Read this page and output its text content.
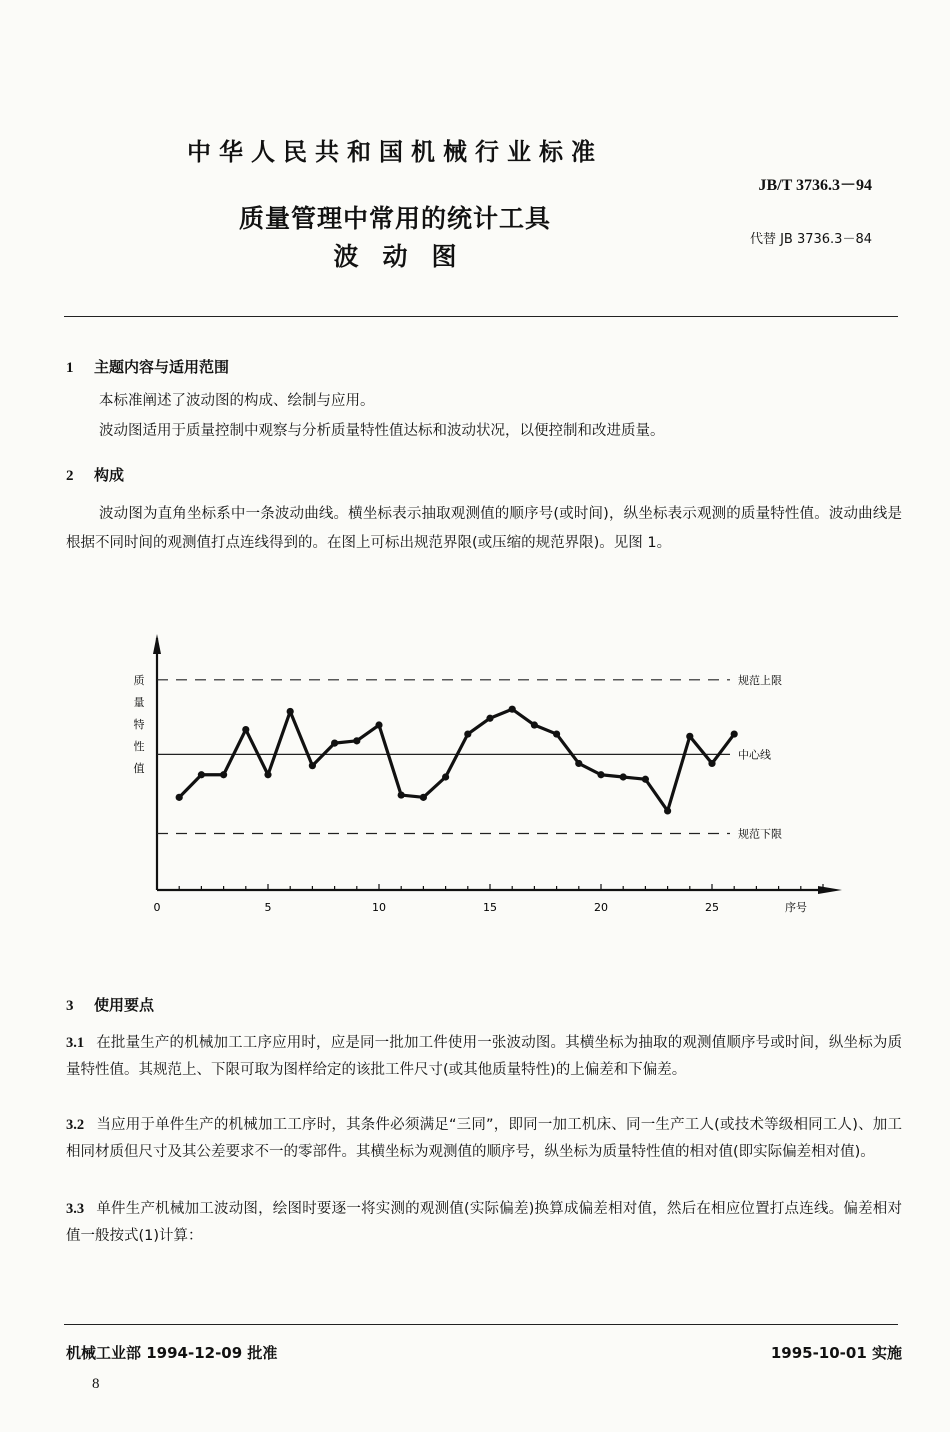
中华人民共和国机械行业标准
JB/T 3736.3－94
代替 JB 3736.3－84
质量管理中常用的统计工具
波动图
1 主题内容与适用范围
本标准阐述了波动图的构成、绘制与应用。
波动图适用于质量控制中观察与分析质量特性值达标和波动状况，以便控制和改进质量。
2 构成
波动图为直角坐标系中一条波动曲线。横坐标表示抽取观测值的顺序号(或时间)，纵坐标表示观测的质量特性值。波动曲线是根据不同时间的观测值打点连线得到的。在图上可标出规范界限(或压缩的规范界限)。见图 1。
0	5	10	15	20	25	序号
质
量
特
性
值
规范上限
中心线
规范下限
3 使用要点
3.1 在批量生产的机械加工工序应用时，应是同一批加工件使用一张波动图。其横坐标为抽取的观测值顺序号或时间，纵坐标为质量特性值。其规范上、下限可取为图样给定的该批工件尺寸(或其他质量特性)的上偏差和下偏差。
3.2 当应用于单件生产的机械加工工序时，其条件必须满足“三同”，即同一加工机床、同一生产工人(或技术等级相同工人)、加工相同材质但尺寸及其公差要求不一的零部件。其横坐标为观测值的顺序号，纵坐标为质量特性值的相对值(即实际偏差相对值)。
3.3 单件生产机械加工波动图，绘图时要逐一将实测的观测值(实际偏差)换算成偏差相对值，然后在相应位置打点连线。偏差相对值一般按式(1)计算：
机械工业部 1994-12-09 批准	1995-10-01 实施
8
